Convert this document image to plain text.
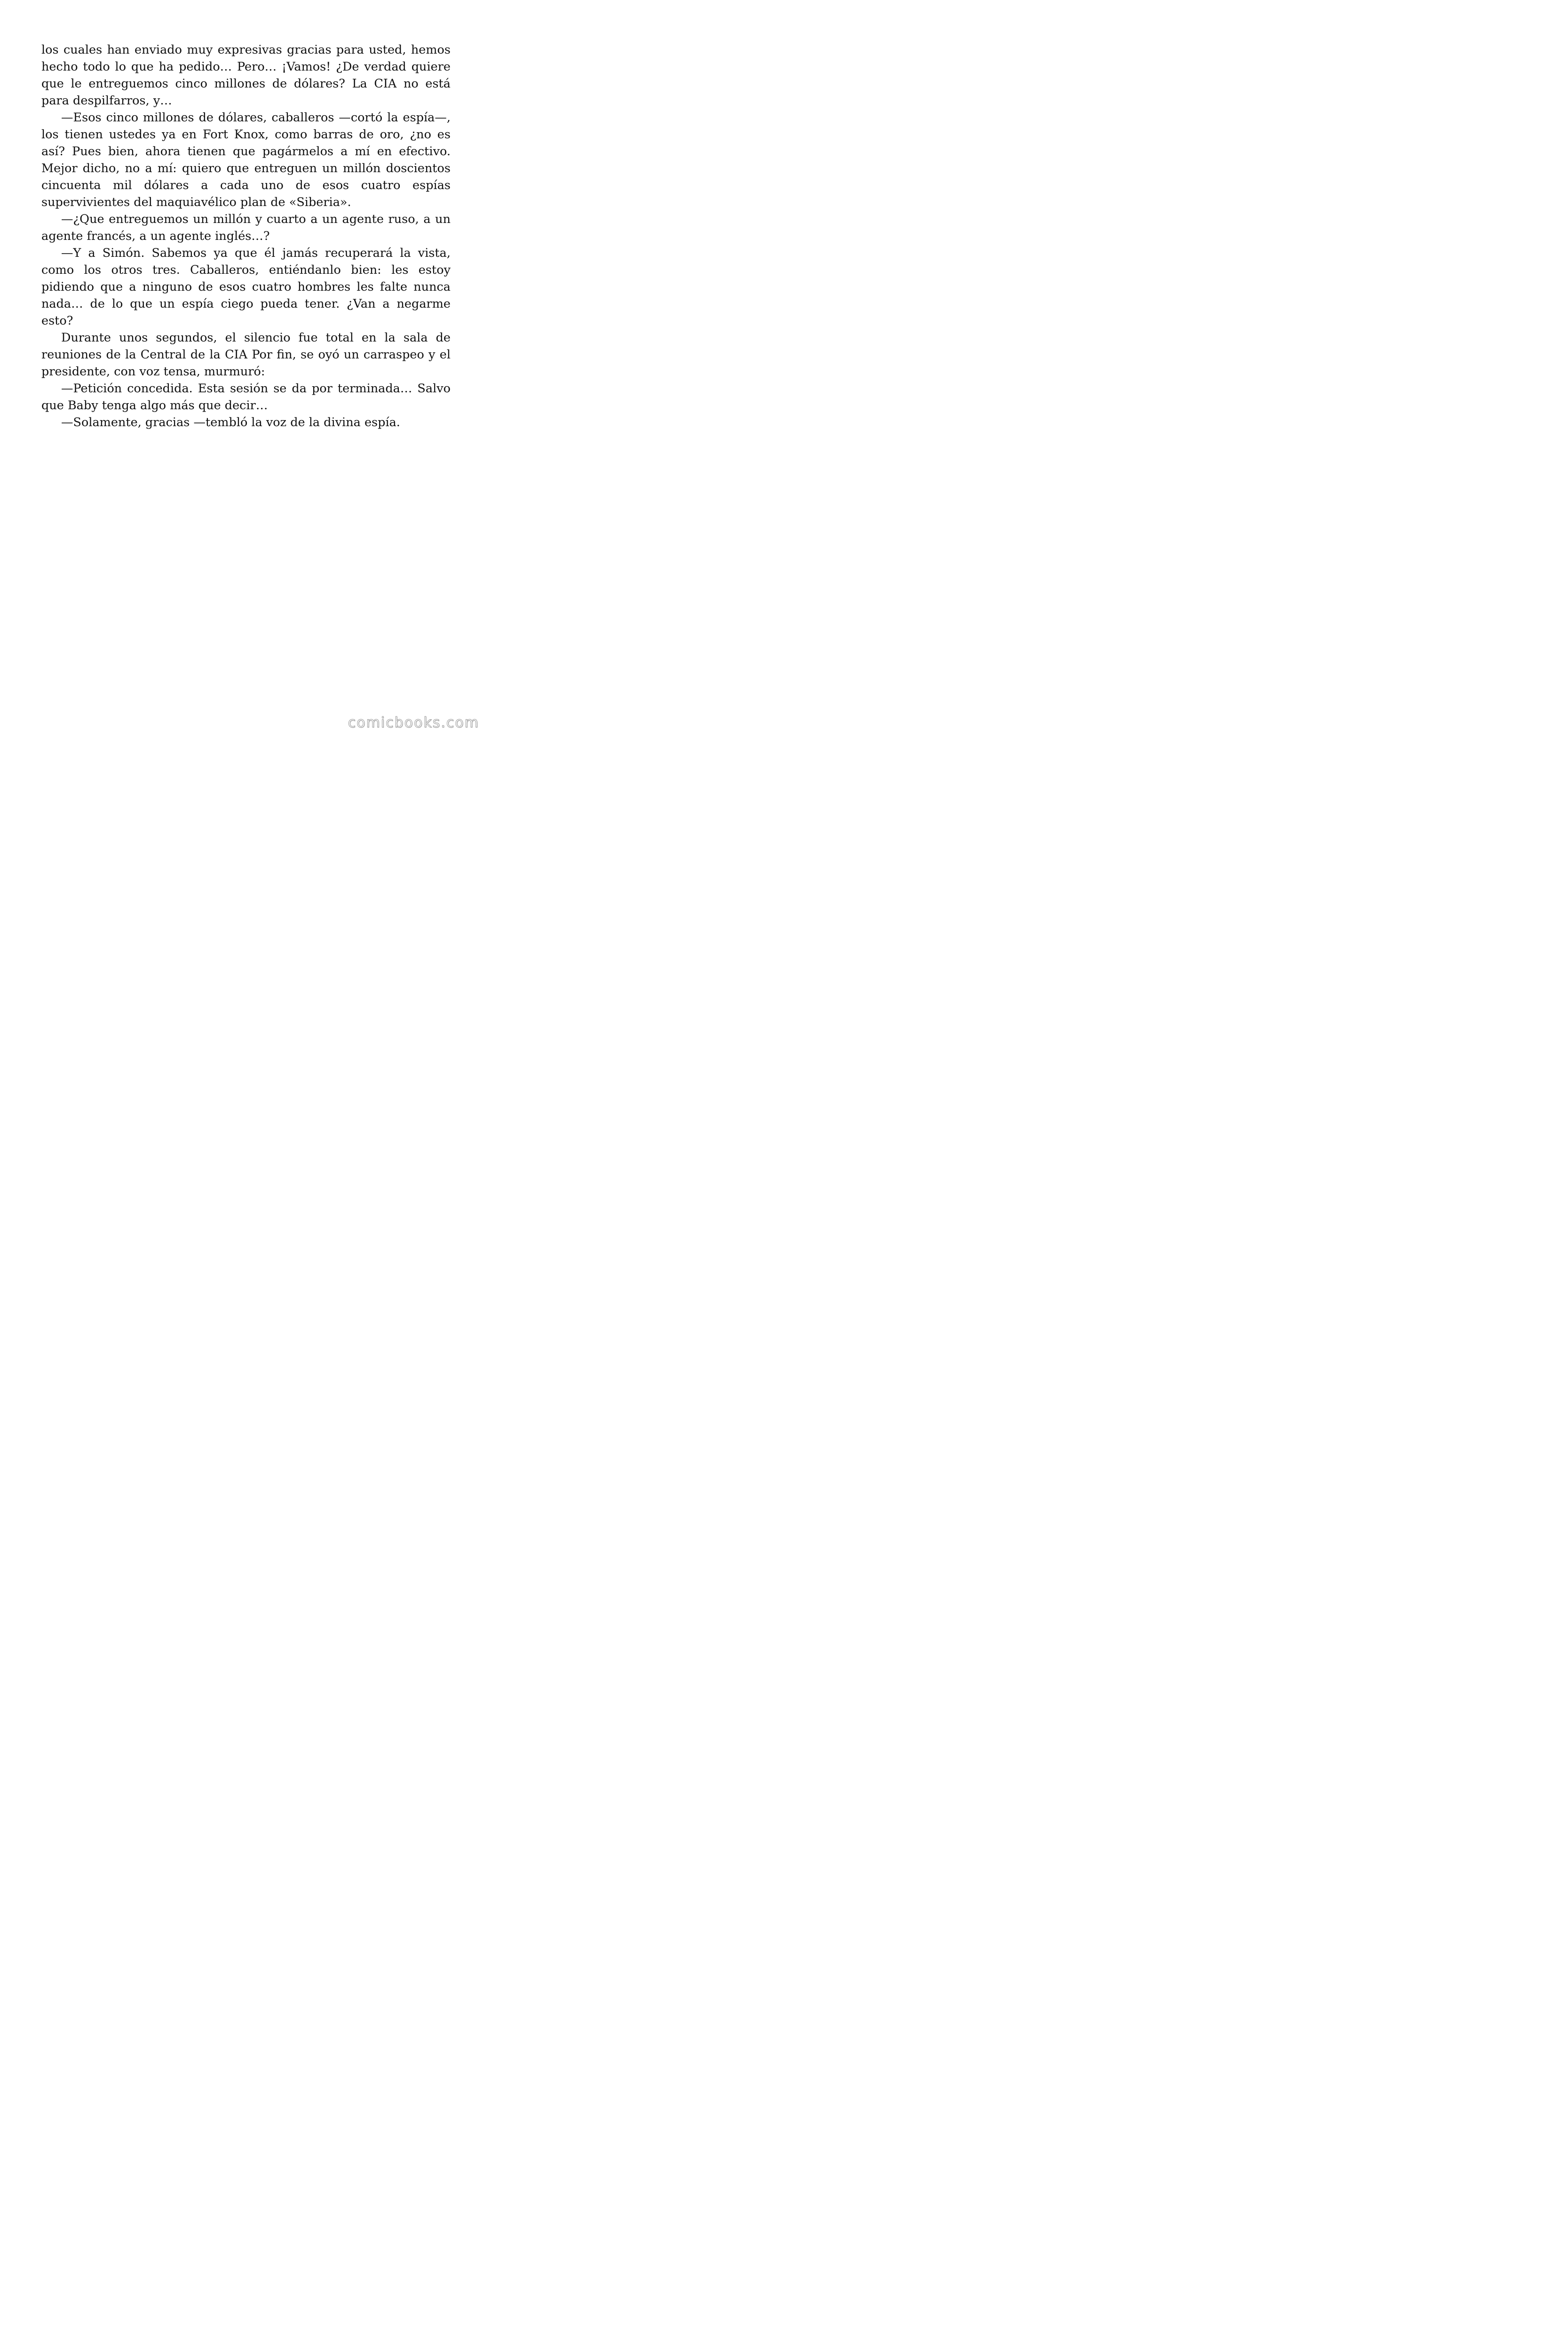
los cuales han enviado muy expresivas gracias para usted, hemos hecho todo lo que ha pedido… Pero… ¡Vamos! ¿De verdad quiere que le entreguemos cinco millones de dólares? La CIA no está para despilfarros, y…

—Esos cinco millones de dólares, caballeros —cortó la espía—, los tienen ustedes ya en Fort Knox, como barras de oro, ¿no es así? Pues bien, ahora tienen que pagármelos a mí en efectivo. Mejor dicho, no a mí: quiero que entreguen un millón doscientos cincuenta mil dólares a cada uno de esos cuatro espías supervivientes del maquiavélico plan de «Siberia».

—¿Que entreguemos un millón y cuarto a un agente ruso, a un agente francés, a un agente inglés…?

—Y a Simón. Sabemos ya que él jamás recuperará la vista, como los otros tres. Caballeros, entiéndanlo bien: les estoy pidiendo que a ninguno de esos cuatro hombres les falte nunca nada… de lo que un espía ciego pueda tener. ¿Van a negarme esto?

Durante unos segundos, el silencio fue total en la sala de reuniones de la Central de la CIA Por fin, se oyó un carraspeo y el presidente, con voz tensa, murmuró:

—Petición concedida. Esta sesión se da por terminada… Salvo que Baby tenga algo más que decir…

—Solamente, gracias —tembló la voz de la divina espía.

comicbooks.com
